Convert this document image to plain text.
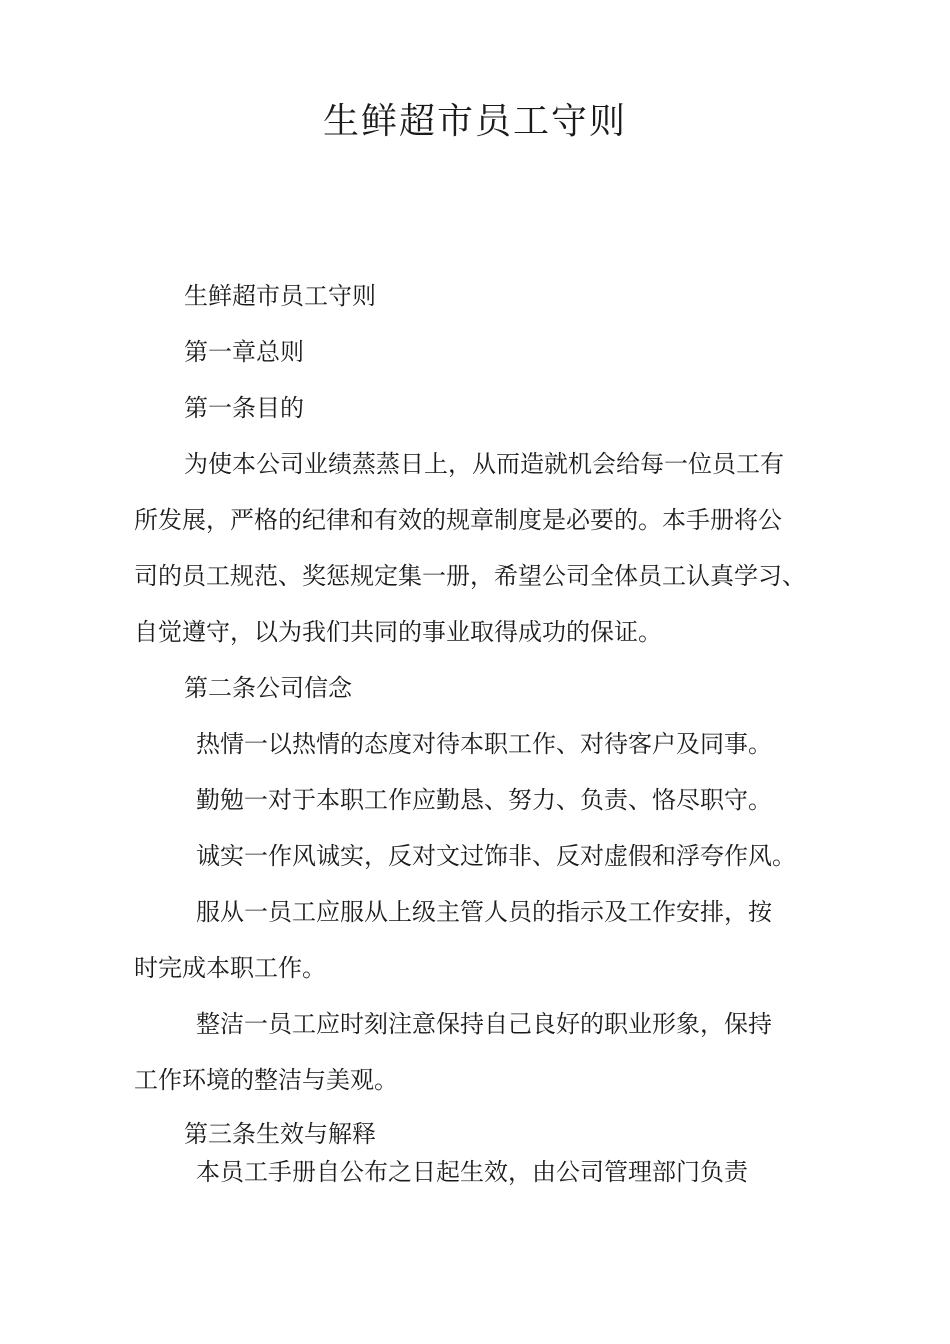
生鲜超市员工守则

生鲜超市员工守则

第一章总则

第一条目的

为使本公司业绩蒸蒸日上，从而造就机会给每一位员工有

所发展，严格的纪律和有效的规章制度是必要的。本手册将公

司的员工规范、奖惩规定集一册，希望公司全体员工认真学习、

自觉遵守，以为我们共同的事业取得成功的保证。

第二条公司信念

热情一以热情的态度对待本职工作、对待客户及同事。

勤勉一对于本职工作应勤恳、努力、负责、恪尽职守。

诚实一作风诚实，反对文过饰非、反对虚假和浮夸作风。

服从一员工应服从上级主管人员的指示及工作安排，按

时完成本职工作。

整洁一员工应时刻注意保持自己良好的职业形象，保持

工作环境的整洁与美观。

第三条生效与解释

本员工手册自公布之日起生效，由公司管理部门负责
